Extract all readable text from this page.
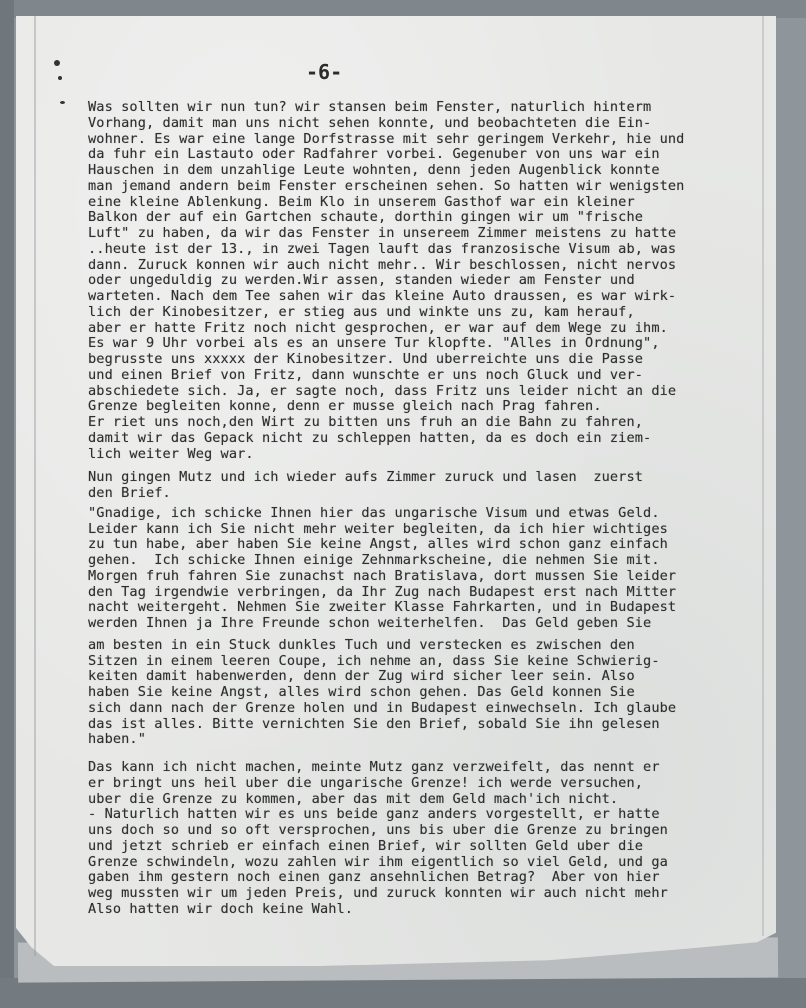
-6-
Was sollten wir nun tun? wir stansen beim Fenster, naturlich hinterm
Vorhang, damit man uns nicht sehen konnte, und beobachteten die Ein-
wohner. Es war eine lange Dorfstrasse mit sehr geringem Verkehr, hie und
da fuhr ein Lastauto oder Radfahrer vorbei. Gegenuber von uns war ein
Hauschen in dem unzahlige Leute wohnten, denn jeden Augenblick konnte
man jemand andern beim Fenster erscheinen sehen. So hatten wir wenigsten
eine kleine Ablenkung. Beim Klo in unserem Gasthof war ein kleiner
Balkon der auf ein Gartchen schaute, dorthin gingen wir um "frische
Luft" zu haben, da wir das Fenster in unsereem Zimmer meistens zu hatte
..heute ist der 13., in zwei Tagen lauft das franzosische Visum ab, was
dann. Zuruck konnen wir auch nicht mehr.. Wir beschlossen, nicht nervos
oder ungeduldig zu werden.Wir assen, standen wieder am Fenster und
warteten. Nach dem Tee sahen wir das kleine Auto draussen, es war wirk-
lich der Kinobesitzer, er stieg aus und winkte uns zu, kam herauf,
aber er hatte Fritz noch nicht gesprochen, er war auf dem Wege zu ihm.
Es war 9 Uhr vorbei als es an unsere Tur klopfte. "Alles in Ordnung",
begrusste uns xxxxx der Kinobesitzer. Und uberreichte uns die Passe
und einen Brief von Fritz, dann wunschte er uns noch Gluck und ver-
abschiedete sich. Ja, er sagte noch, dass Fritz uns leider nicht an die
Grenze begleiten konne, denn er musse gleich nach Prag fahren.
Er riet uns noch,den Wirt zu bitten uns fruh an die Bahn zu fahren,
damit wir das Gepack nicht zu schleppen hatten, da es doch ein ziem-
lich weiter Weg war.
Nun gingen Mutz und ich wieder aufs Zimmer zuruck und lasen  zuerst
den Brief.
"Gnadige, ich schicke Ihnen hier das ungarische Visum und etwas Geld.
Leider kann ich Sie nicht mehr weiter begleiten, da ich hier wichtiges
zu tun habe, aber haben Sie keine Angst, alles wird schon ganz einfach
gehen.  Ich schicke Ihnen einige Zehnmarkscheine, die nehmen Sie mit.
Morgen fruh fahren Sie zunachst nach Bratislava, dort mussen Sie leider
den Tag irgendwie verbringen, da Ihr Zug nach Budapest erst nach Mitter
nacht weitergeht. Nehmen Sie zweiter Klasse Fahrkarten, und in Budapest
werden Ihnen ja Ihre Freunde schon weiterhelfen.  Das Geld geben Sie
am besten in ein Stuck dunkles Tuch und verstecken es zwischen den
Sitzen in einem leeren Coupe, ich nehme an, dass Sie keine Schwierig-
keiten damit habenwerden, denn der Zug wird sicher leer sein. Also
haben Sie keine Angst, alles wird schon gehen. Das Geld konnen Sie
sich dann nach der Grenze holen und in Budapest einwechseln. Ich glaube
das ist alles. Bitte vernichten Sie den Brief, sobald Sie ihn gelesen
haben."
Das kann ich nicht machen, meinte Mutz ganz verzweifelt, das nennt er
er bringt uns heil uber die ungarische Grenze! ich werde versuchen,
uber die Grenze zu kommen, aber das mit dem Geld mach'ich nicht.
- Naturlich hatten wir es uns beide ganz anders vorgestellt, er hatte
uns doch so und so oft versprochen, uns bis uber die Grenze zu bringen
und jetzt schrieb er einfach einen Brief, wir sollten Geld uber die
Grenze schwindeln, wozu zahlen wir ihm eigentlich so viel Geld, und ga
gaben ihm gestern noch einen ganz ansehnlichen Betrag?  Aber von hier
weg mussten wir um jeden Preis, und zuruck konnten wir auch nicht mehr
Also hatten wir doch keine Wahl.
